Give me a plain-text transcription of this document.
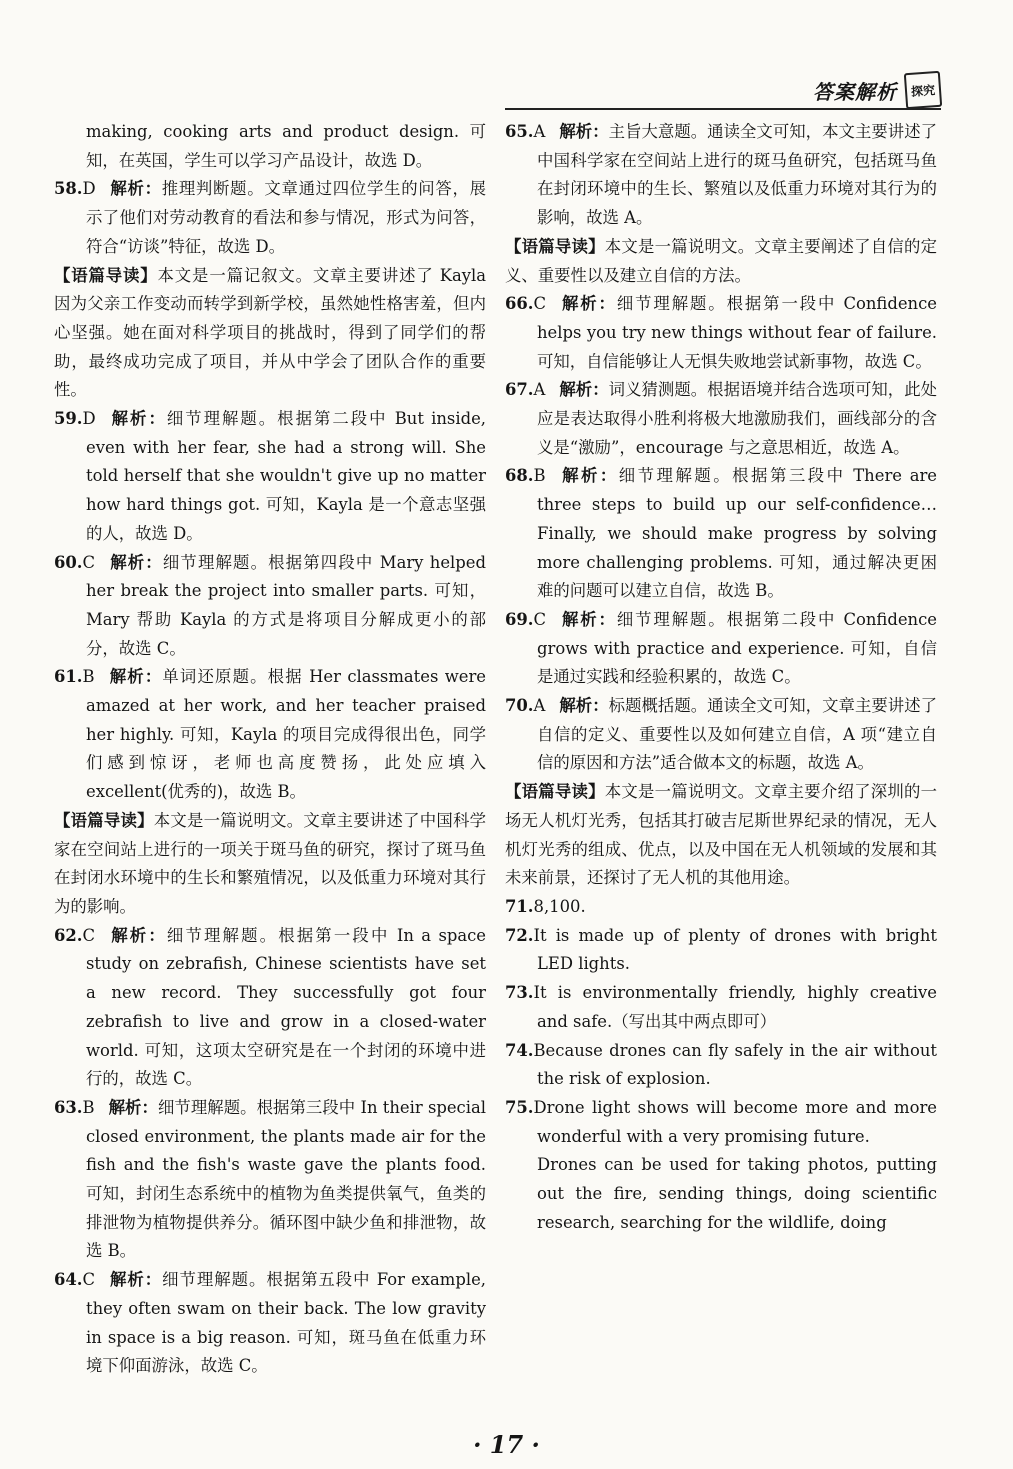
答案解析	探究

making, cooking arts and product design. 可知，在英国，学生可以学习产品设计，故选 D。

58.D 解析：推理判断题。文章通过四位学生的问答，展示了他们对劳动教育的看法和参与情况，形式为问答，符合“访谈”特征，故选 D。

【语篇导读】本文是一篇记叙文。文章主要讲述了 Kayla 因为父亲工作变动而转学到新学校，虽然她性格害羞，但内心坚强。她在面对科学项目的挑战时，得到了同学们的帮助，最终成功完成了项目，并从中学会了团队合作的重要性。

59.D 解析：细节理解题。根据第二段中 But inside, even with her fear, she had a strong will. She told herself that she wouldn't give up no matter how hard things got. 可知，Kayla 是一个意志坚强的人，故选 D。

60.C 解析：细节理解题。根据第四段中 Mary helped her break the project into smaller parts. 可知，Mary 帮助 Kayla 的方式是将项目分解成更小的部分，故选 C。

61.B 解析：单词还原题。根据 Her classmates were amazed at her work, and her teacher praised her highly. 可知，Kayla 的项目完成得很出色，同学们感到惊讶，老师也高度赞扬，此处应填入 excellent(优秀的)，故选 B。

【语篇导读】本文是一篇说明文。文章主要讲述了中国科学家在空间站上进行的一项关于斑马鱼的研究，探讨了斑马鱼在封闭水环境中的生长和繁殖情况，以及低重力环境对其行为的影响。

62.C 解析：细节理解题。根据第一段中 In a space study on zebrafish, Chinese scientists have set a new record. They successfully got four zebrafish to live and grow in a closed-water world. 可知，这项太空研究是在一个封闭的环境中进行的，故选 C。

63.B 解析：细节理解题。根据第三段中 In their special closed environment, the plants made air for the fish and the fish's waste gave the plants food. 可知，封闭生态系统中的植物为鱼类提供氧气，鱼类的排泄物为植物提供养分。循环图中缺少鱼和排泄物，故选 B。

64.C 解析：细节理解题。根据第五段中 For example, they often swam on their back. The low gravity in space is a big reason. 可知，斑马鱼在低重力环境下仰面游泳，故选 C。

65.A 解析：主旨大意题。通读全文可知，本文主要讲述了中国科学家在空间站上进行的斑马鱼研究，包括斑马鱼在封闭环境中的生长、繁殖以及低重力环境对其行为的影响，故选 A。

【语篇导读】本文是一篇说明文。文章主要阐述了自信的定义、重要性以及建立自信的方法。

66.C 解析：细节理解题。根据第一段中 Confidence helps you try new things without fear of failure. 可知，自信能够让人无惧失败地尝试新事物，故选 C。

67.A 解析：词义猜测题。根据语境并结合选项可知，此处应是表达取得小胜利将极大地激励我们，画线部分的含义是“激励”，encourage 与之意思相近，故选 A。

68.B 解析：细节理解题。根据第三段中 There are three steps to build up our self-confidence…Finally, we should make progress by solving more challenging problems. 可知，通过解决更困难的问题可以建立自信，故选 B。

69.C 解析：细节理解题。根据第二段中 Confidence grows with practice and experience. 可知，自信是通过实践和经验积累的，故选 C。

70.A 解析：标题概括题。通读全文可知，文章主要讲述了自信的定义、重要性以及如何建立自信，A 项“建立自信的原因和方法”适合做本文的标题，故选 A。

【语篇导读】本文是一篇说明文。文章主要介绍了深圳的一场无人机灯光秀，包括其打破吉尼斯世界纪录的情况，无人机灯光秀的组成、优点，以及中国在无人机领域的发展和其未来前景，还探讨了无人机的其他用途。

71.8,100.

72.It is made up of plenty of drones with bright LED lights.

73.It is environmentally friendly, highly creative and safe.（写出其中两点即可）

74.Because drones can fly safely in the air without the risk of explosion.

75.Drone light shows will become more and more wonderful with a very promising future.

Drones can be used for taking photos, putting out the fire, sending things, doing scientific research, searching for the wildlife, doing

· 17 ·
